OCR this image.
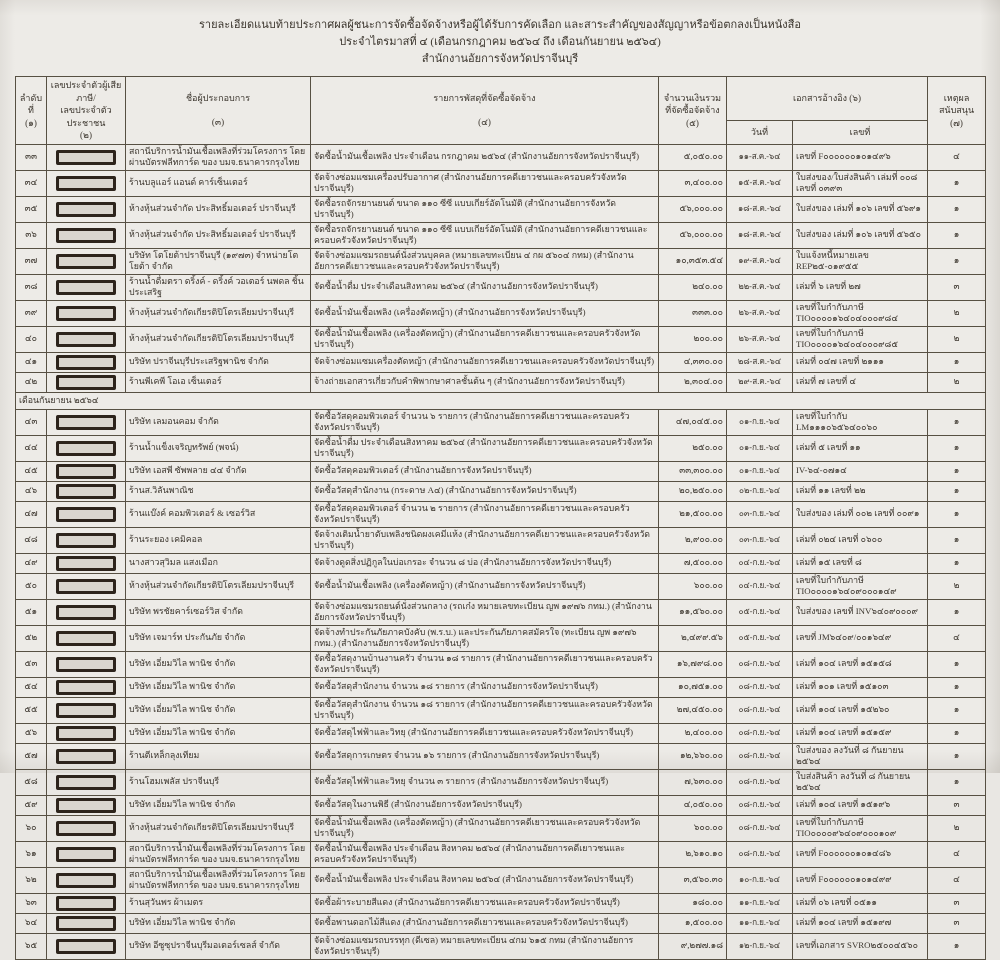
รายละเอียดแนบท้ายประกาศผลผู้ชนะการจัดซื้อจัดจ้างหรือผู้ได้รับการคัดเลือก และสาระสำคัญของสัญญาหรือข้อตกลงเป็นหนังสือ
ประจำไตรมาสที่ ๔ (เดือนกรกฎาคม ๒๕๖๔ ถึง เดือนกันยายน ๒๕๖๔)
สำนักงานอัยการจังหวัดปราจีนบุรี
ลำดับ
ที่
(๑)

เลขประจำตัวผู้เสียภาษี/
เลขประจำตัวประชาชน
(๒)

ชื่อผู้ประกอบการ
(๓)

รายการพัสดุที่จัดซื้อจัดจ้าง
(๔)

จำนวนเงินรวม
ที่จัดซื้อจัดจ้าง
(๕)
	เอกสารอ้างอิง (๖)	เหตุผล
สนับสนุน
(๗)

					วันที่	เลขที่	
๓๓		สถานีบริการน้ำมันเชื้อเพลิงที่ร่วมโครงการ โดยผ่านบัตรฟลีทการ์ด ของ บมจ.ธนาคารกรุงไทย	จัดซื้อน้ำมันเชื้อเพลิง ประจำเดือน กรกฎาคม ๒๕๖๔ (สำนักงานอัยการจังหวัดปราจีนบุรี)	๕,๐๕๐.๐๐	๑๑-ส.ค.-๖๔	เลขที่ F๐๐๐๐๐๐๑๐๑๔๙๖	๔
๓๔		ร้านบลูแอร์ แอนด์ คาร์เซ็นเตอร์	จัดจ้างซ่อมแซมเครื่องปรับอากาศ (สำนักงานอัยการคดีเยาวชนและครอบครัวจังหวัดปราจีนบุรี)	๓,๔๐๐.๐๐	๑๕-ส.ค.-๖๔	ใบส่งของ/ใบส่งสินค้า เล่มที่ ๐๐๘ เลขที่ ๐๓๙๓	๑
๓๕		ห้างหุ้นส่วนจำกัด ประสิทธิ์มอเตอร์ ปราจีนบุรี	จัดซื้อรถจักรยานยนต์ ขนาด ๑๑๐ ซีซี แบบเกียร์อัตโนมัติ (สำนักงานอัยการจังหวัดปราจีนบุรี)	๕๖,๐๐๐.๐๐	๑๘-ส.ค.-๖๔	ใบส่งของ เล่มที่ ๑๐๖ เลขที่ ๕๖๙๑	๑
๓๖		ห้างหุ้นส่วนจำกัด ประสิทธิ์มอเตอร์ ปราจีนบุรี	จัดซื้อรถจักรยานยนต์ ขนาด ๑๑๐ ซีซี แบบเกียร์อัตโนมัติ (สำนักงานอัยการคดีเยาวชนและครอบครัวจังหวัดปราจีนบุรี)	๕๖,๐๐๐.๐๐	๑๘-ส.ค.-๖๔	ใบส่งของ เล่มที่ ๑๐๖ เลขที่ ๕๖๕๐	๑
๓๗		บริษัท โตโยต้าปราจีนบุรี (๑๙๗๓) จำหน่ายโตโยต้า จำกัด	จัดจ้างซ่อมแซมรถยนต์นั่งส่วนบุคคล (หมายเลขทะเบียน ๔ กผ ๕๖๐๔ กทม) (สำนักงานอัยการคดีเยาวชนและครอบครัวจังหวัดปราจีนบุรี)	๑๐,๓๕๓.๕๔	๑๙-ส.ค.-๖๔	ใบแจ้งหนี้หมายเลข REP๒๕-๐๑๙๕๕	๑
๓๘		ร้านน้ำดื่มตรา ดริ้งค์ - ดริ้งค์ วอเตอร์ นพดล ชิ้นประเสริฐ	จัดซื้อน้ำดื่ม ประจำเดือนสิงหาคม ๒๕๖๔ (สำนักงานอัยการจังหวัดปราจีนบุรี)	๒๔๐.๐๐	๒๒-ส.ค.-๖๔	เล่มที่ ๖ เลขที่ ๒๗	๓
๓๙		ห้างหุ้นส่วนจำกัดเกียรติปิโตรเลียมปราจีนบุรี	จัดซื้อน้ำมันเชื้อเพลิง (เครื่องตัดหญ้า) (สำนักงานอัยการจังหวัดปราจีนบุรี)	๓๓๓.๐๐	๒๖-ส.ค.-๖๔	เลขที่ใบกำกับภาษี TIO๐๐๐๐๑๖๔๐๔๐๐๐๙๘๔	๒
๔๐		ห้างหุ้นส่วนจำกัดเกียรติปิโตรเลียมปราจีนบุรี	จัดซื้อน้ำมันเชื้อเพลิง (เครื่องตัดหญ้า) (สำนักงานอัยการคดีเยาวชนและครอบครัวจังหวัดปราจีนบุรี)	๒๐๐.๐๐	๒๖-ส.ค.-๖๔	เลขที่ใบกำกับภาษี TIO๐๐๐๐๑๖๔๐๔๐๐๐๙๘๕	๒
๔๑		บริษัท ปราจีนบุรีประเสริฐพานิช จำกัด	จัดจ้างซ่อมแซมเครื่องตัดหญ้า (สำนักงานอัยการคดีเยาวชนและครอบครัวจังหวัดปราจีนบุรี)	๔,๓๓๐.๐๐	๒๘-ส.ค.-๖๔	เล่มที่ ๐๔๗ เลขที่ ๒๑๑๑	๑
๔๒		ร้านพีเคพี โอเอ เซ็นเตอร์	จ้างถ่ายเอกสารเกี่ยวกับคำพิพากษาศาลชั้นต้น ๆ (สำนักงานอัยการจังหวัดปราจีนบุรี)	๒,๓๐๔.๐๐	๒๙-ส.ค.-๖๔	เล่มที่ ๗ เลขที่ ๔	๒
เดือนกันยายน ๒๕๖๔							
๔๓		บริษัท เลมอนคอม จำกัด	จัดซื้อวัสดุคอมพิวเตอร์ จำนวน ๖ รายการ (สำนักงานอัยการคดีเยาวชนและครอบครัวจังหวัดปราจีนบุรี)	๔๗,๐๔๕.๐๐	๐๑-ก.ย.-๖๔	เลขที่ใบกำกับ LM๑๑๑๐๖๕๖๔๐๐๖๐	๑
๔๔		ร้านน้ำแข็งเจริญทรัพย์ (พจน์)	จัดซื้อน้ำดื่ม ประจำเดือนสิงหาคม ๒๕๖๔ (สำนักงานอัยการคดีเยาวชนและครอบครัวจังหวัดปราจีนบุรี)	๒๕๐.๐๐	๐๑-ก.ย.-๖๔	เล่มที่ ๕ เลขที่ ๑๑	๑
๔๕		บริษัท เอสพี ซัพพลาย ๔๔ จำกัด	จัดซื้อวัสดุคอมพิวเตอร์ (สำนักงานอัยการจังหวัดปราจีนบุรี)	๓๓,๓๐๐.๐๐	๐๑-ก.ย.-๖๔	IV-๖๔-๐๗๑๔	๑
๔๖		ร้านส.วิลันพาณิช	จัดซื้อวัสดุสำนักงาน (กระดาษ A๔) (สำนักงานอัยการจังหวัดปราจีนบุรี)	๒๐,๒๕๐.๐๐	๐๒-ก.ย.-๖๔	เล่มที่ ๑๑ เลขที่ ๒๒	๑
๔๗		ร้านแบ๊งค์ คอมพิวเตอร์ & เซอร์วิส	จัดซื้อวัสดุคอมพิวเตอร์ จำนวน ๒ รายการ (สำนักงานอัยการคดีเยาวชนและครอบครัวจังหวัดปราจีนบุรี)	๒๑,๕๐๐.๐๐	๐๓-ก.ย.-๖๔	ใบส่งของ เล่มที่ ๐๐๒ เลขที่ ๐๐๙๑	๑
๔๘		ร้านระยอง เคมิคอล	จัดจ้างเติมน้ำยาดับเพลิงชนิดผงเคมีแห้ง (สำนักงานอัยการคดีเยาวชนและครอบครัวจังหวัดปราจีนบุรี)	๒,๙๐๐.๐๐	๐๓-ก.ย.-๖๔	เล่มที่ ๐๒๔ เลขที่ ๐๖๐๐	๑
๔๙		นางสาวสุวิมล แสงเมือก	จัดจ้างดูดสิ่งปฏิกูลในบ่อเกรอะ จำนวน ๘ บ่อ (สำนักงานอัยการจังหวัดปราจีนบุรี)	๗,๕๐๐.๐๐	๐๔-ก.ย.-๖๔	เล่มที่ ๑๕ เลขที่ ๘	๑
๕๐		ห้างหุ้นส่วนจำกัดเกียรติปิโตรเลียมปราจีนบุรี	จัดซื้อน้ำมันเชื้อเพลิง (เครื่องตัดหญ้า) (สำนักงานอัยการจังหวัดปราจีนบุรี)	๖๐๐.๐๐	๐๔-ก.ย.-๖๔	เลขที่ใบกำกับภาษี TIO๐๐๐๐๑๖๔๐๙๐๐๐๑๔๙	๒
๕๑		บริษัท พรชัยคาร์เซอร์วิส จำกัด	จัดจ้างซ่อมแซมรถยนต์นั่งส่วนกลาง (รถเก๋ง หมายเลขทะเบียน ญพ ๑๙๗๖ กทม.) (สำนักงานอัยการจังหวัดปราจีนบุรี)	๑๑,๕๖๐.๐๐	๐๕-ก.ย.-๖๔	ใบส่งของ เลขที่ INV๖๔๐๙๐๐๐๙	๑
๕๒		บริษัท เจมาร์ท ประกันภัย จำกัด	จัดจ้างทำประกันภัยภาคบังคับ (พ.ร.บ.) และประกันภัยภาคสมัครใจ (ทะเบียน ญพ ๑๙๗๖ กทม.) (สำนักงานอัยการจังหวัดปราจีนบุรี)	๒,๔๙๙.๕๖	๐๕-ก.ย.-๖๔	เลขที่ JM๖๔๐๙/๐๐๑๖๔๙	๔
๕๓		บริษัท เอี่ยมวิไล พานิช จำกัด	จัดซื้อวัสดุงานบ้านงานครัว จำนวน ๑๘ รายการ (สำนักงานอัยการคดีเยาวชนและครอบครัวจังหวัดปราจีนบุรี)	๑๖,๗๙๘.๐๐	๐๘-ก.ย.-๖๔	เล่มที่ ๑๐๔ เลขที่ ๑๕๑๕๘	๑
๕๔		บริษัท เอี่ยมวิไล พานิช จำกัด	จัดซื้อวัสดุสำนักงาน จำนวน ๑๘ รายการ (สำนักงานอัยการจังหวัดปราจีนบุรี)	๑๐,๗๕๑.๐๐	๐๘-ก.ย.-๖๔	เล่มที่ ๑๐๑ เลขที่ ๑๕๑๐๓	๑
๕๕		บริษัท เอี่ยมวิไล พานิช จำกัด	จัดซื้อวัสดุสำนักงาน จำนวน ๑๘ รายการ (สำนักงานอัยการคดีเยาวชนและครอบครัวจังหวัดปราจีนบุรี)	๒๗,๔๕๐.๐๐	๐๘-ก.ย.-๖๔	เล่มที่ ๑๐๔ เลขที่ ๑๕๒๖๐	๑
๕๖		บริษัท เอี่ยมวิไล พานิช จำกัด	จัดซื้อวัสดุไฟฟ้าและวิทยุ (สำนักงานอัยการคดีเยาวชนและครอบครัวจังหวัดปราจีนบุรี)	๒,๔๐๐.๐๐	๐๘-ก.ย.-๖๔	เล่มที่ ๑๐๔ เลขที่ ๑๕๑๕๙	๑
๕๗		ร้านตีเหล็กลุงเทียม	จัดซื้อวัสดุการเกษตร จำนวน ๑๖ รายการ (สำนักงานอัยการจังหวัดปราจีนบุรี)	๑๒,๖๖๐.๐๐	๐๘-ก.ย.-๖๔	ใบส่งของ ลงวันที่ ๘ กันยายน ๒๕๖๔	๑
๕๘		ร้านโฮมเพลัส ปราจีนบุรี	จัดซื้อวัสดุไฟฟ้าและวิทยุ จำนวน ๓ รายการ (สำนักงานอัยการจังหวัดปราจีนบุรี)	๗,๖๓๐.๐๐	๐๘-ก.ย.-๖๔	ใบส่งสินค้า ลงวันที่ ๘ กันยายน ๒๕๖๔	๑
๕๙		บริษัท เอี่ยมวิไล พานิช จำกัด	จัดซื้อวัสดุในงานพิธี (สำนักงานอัยการจังหวัดปราจีนบุรี)	๔,๐๕๐.๐๐	๐๘-ก.ย.-๖๔	เล่มที่ ๑๐๔ เลขที่ ๑๕๑๙๖	๓
๖๐		ห้างหุ้นส่วนจำกัดเกียรติปิโตรเลียมปราจีนบุรี	จัดซื้อน้ำมันเชื้อเพลิง (เครื่องตัดหญ้า) (สำนักงานอัยการคดีเยาวชนและครอบครัวจังหวัดปราจีนบุรี)	๖๐๐.๐๐	๐๘-ก.ย.-๖๔	เลขที่ใบกำกับภาษี TIO๐๐๐๐๙๖๔๐๙๐๐๐๑๐๙	๒
๖๑		สถานีบริการน้ำมันเชื้อเพลิงที่ร่วมโครงการ โดยผ่านบัตรฟลีทการ์ด ของ บมจ.ธนาคารกรุงไทย	จัดซื้อน้ำมันเชื้อเพลิง ประจำเดือน สิงหาคม ๒๕๖๔ (สำนักงานอัยการคดีเยาวชนและครอบครัวจังหวัดปราจีนบุรี)	๒,๖๑๐.๑๐	๐๘-ก.ย.-๖๔	เลขที่ F๐๐๐๐๐๐๑๐๑๔๘๖	๔
๖๒		สถานีบริการน้ำมันเชื้อเพลิงที่ร่วมโครงการ โดยผ่านบัตรฟลีทการ์ด ของ บมจ.ธนาคารกรุงไทย	จัดซื้อน้ำมันเชื้อเพลิง ประจำเดือน สิงหาคม ๒๕๖๔ (สำนักงานอัยการจังหวัดปราจีนบุรี)	๓,๕๖๐.๓๐	๑๐-ก.ย.-๖๔	เลขที่ F๐๐๐๐๐๐๑๐๑๔๙๙	๔
๖๓		ร้านสุวันพร ผ้าเมตร	จัดซื้อผ้าระบายสีแดง (สำนักงานอัยการคดีเยาวชนและครอบครัวจังหวัดปราจีนบุรี)	๑๘๐.๐๐	๑๑-ก.ย.-๖๔	เล่มที่ ๐๖ เลขที่ ๐๕๑๑	๓
๖๔		บริษัท เอี่ยมวิไล พานิช จำกัด	จัดซื้อพานดอกไม้สีแดง (สำนักงานอัยการคดีเยาวชนและครอบครัวจังหวัดปราจีนบุรี)	๑,๕๐๐.๐๐	๑๑-ก.ย.-๖๔	เล่มที่ ๑๐๔ เลขที่ ๑๕๑๙๗	๓
๖๕		บริษัท อีซูซุปราจีนบุรีมอเตอร์เซลส์ จำกัด	จัดจ้างซ่อมแซมรถบรรทุก (ดีเซล) หมายเลขทะเบียน ๔กม ๖๑๕ กทม (สำนักงานอัยการจังหวัดปราจีนบุรี)	๙,๒๗๗.๑๘	๑๒-ก.ย.-๖๔	เลขที่เอกสาร SVRO๒๕๐๐๔๕๖๐	๑
